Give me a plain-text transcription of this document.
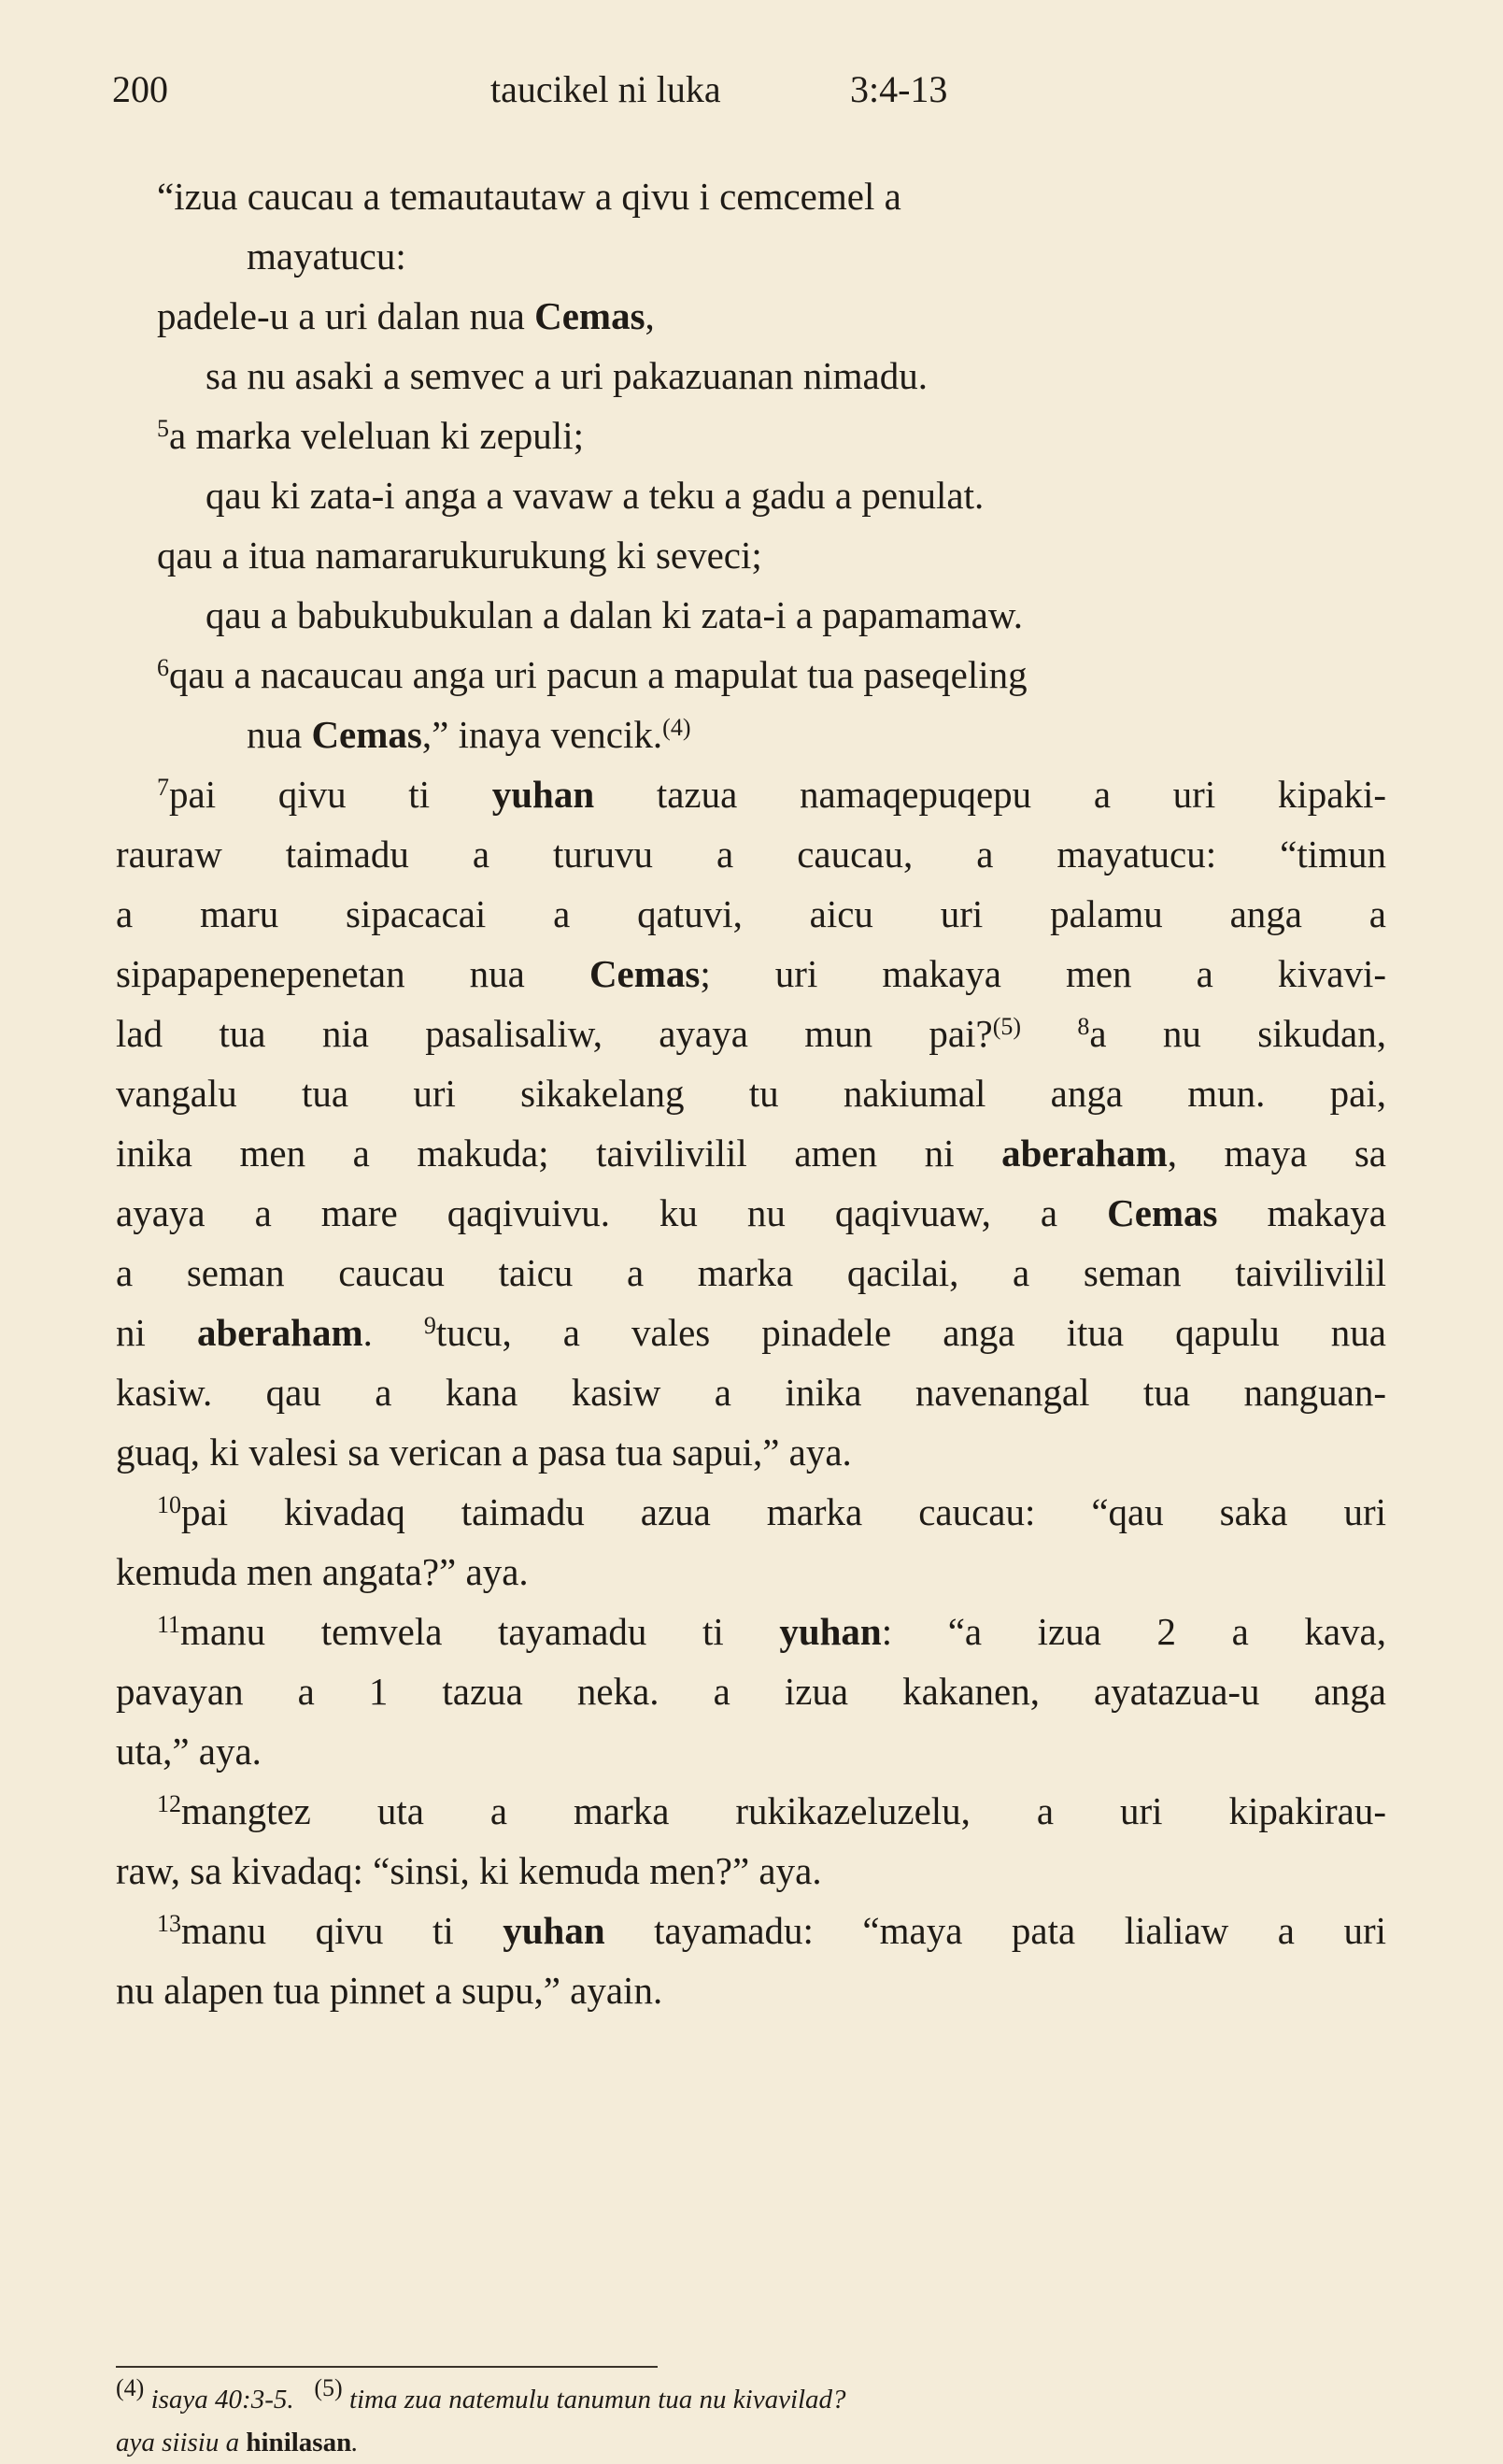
200	taucikel ni luka	3:4-13
“izua caucau a temautautaw a qivu i cemcemel a
mayatucu:
padele-u a uri dalan nua Cemas,
sa nu asaki a semvec a uri pakazuanan nimadu.
$^5$a marka veleluan ki zepuli;
qau ki zata-i anga a vavaw a teku a gadu a penulat.
qau a itua namararukurukung ki seveci;
qau a babukubukulan a dalan ki zata-i a papamamaw.
$^6$qau a nacaucau anga uri pacun a mapulat tua paseqeling
nua Cemas,” inaya vencik.$^{(4)}$
$^7$pai qivu ti yuhan tazua namaqepuqepu a uri kipaki-
rauraw taimadu a turuvu a caucau, a mayatucu: “timun
a maru sipacacai a qatuvi, aicu uri palamu anga a
sipapapenepenetan nua Cemas; uri makaya men a kivavi-
lad tua nia pasalisaliw, ayaya mun pai?$^{(5)}$ $^8$a nu sikudan,
vangalu tua uri sikakelang tu nakiumal anga mun. pai,
inika men a makuda; taivilivilil amen ni aberaham, maya sa
ayaya a mare qaqivuivu. ku nu qaqivuaw, a Cemas makaya
a seman caucau taicu a marka qacilai, a seman taivilivilil
ni aberaham. $^9$tucu, a vales pinadele anga itua qapulu nua
kasiw. qau a kana kasiw a inika navenangal tua nanguan-
guaq, ki valesi sa verican a pasa tua sapui,” aya.
$^{10}$pai kivadaq taimadu azua marka caucau: “qau saka uri
kemuda men angata?” aya.
$^{11}$manu temvela tayamadu ti yuhan: “a izua 2 a kava,
pavayan a 1 tazua neka. a izua kakanen, ayatazua-u anga
uta,” aya.
$^{12}$mangtez uta a marka rukikazeluzelu, a uri kipakirau-
raw, sa kivadaq: “sinsi, ki kemuda men?” aya.
$^{13}$manu qivu ti yuhan tayamadu: “maya pata lialiaw a uri
nu alapen tua pinnet a supu,” ayain.
$^{(4)}$ isaya 40:3-5. $^{(5)}$ tima zua natemulu tanumun tua nu kivavilad?
aya siisiu a hinilasan.
